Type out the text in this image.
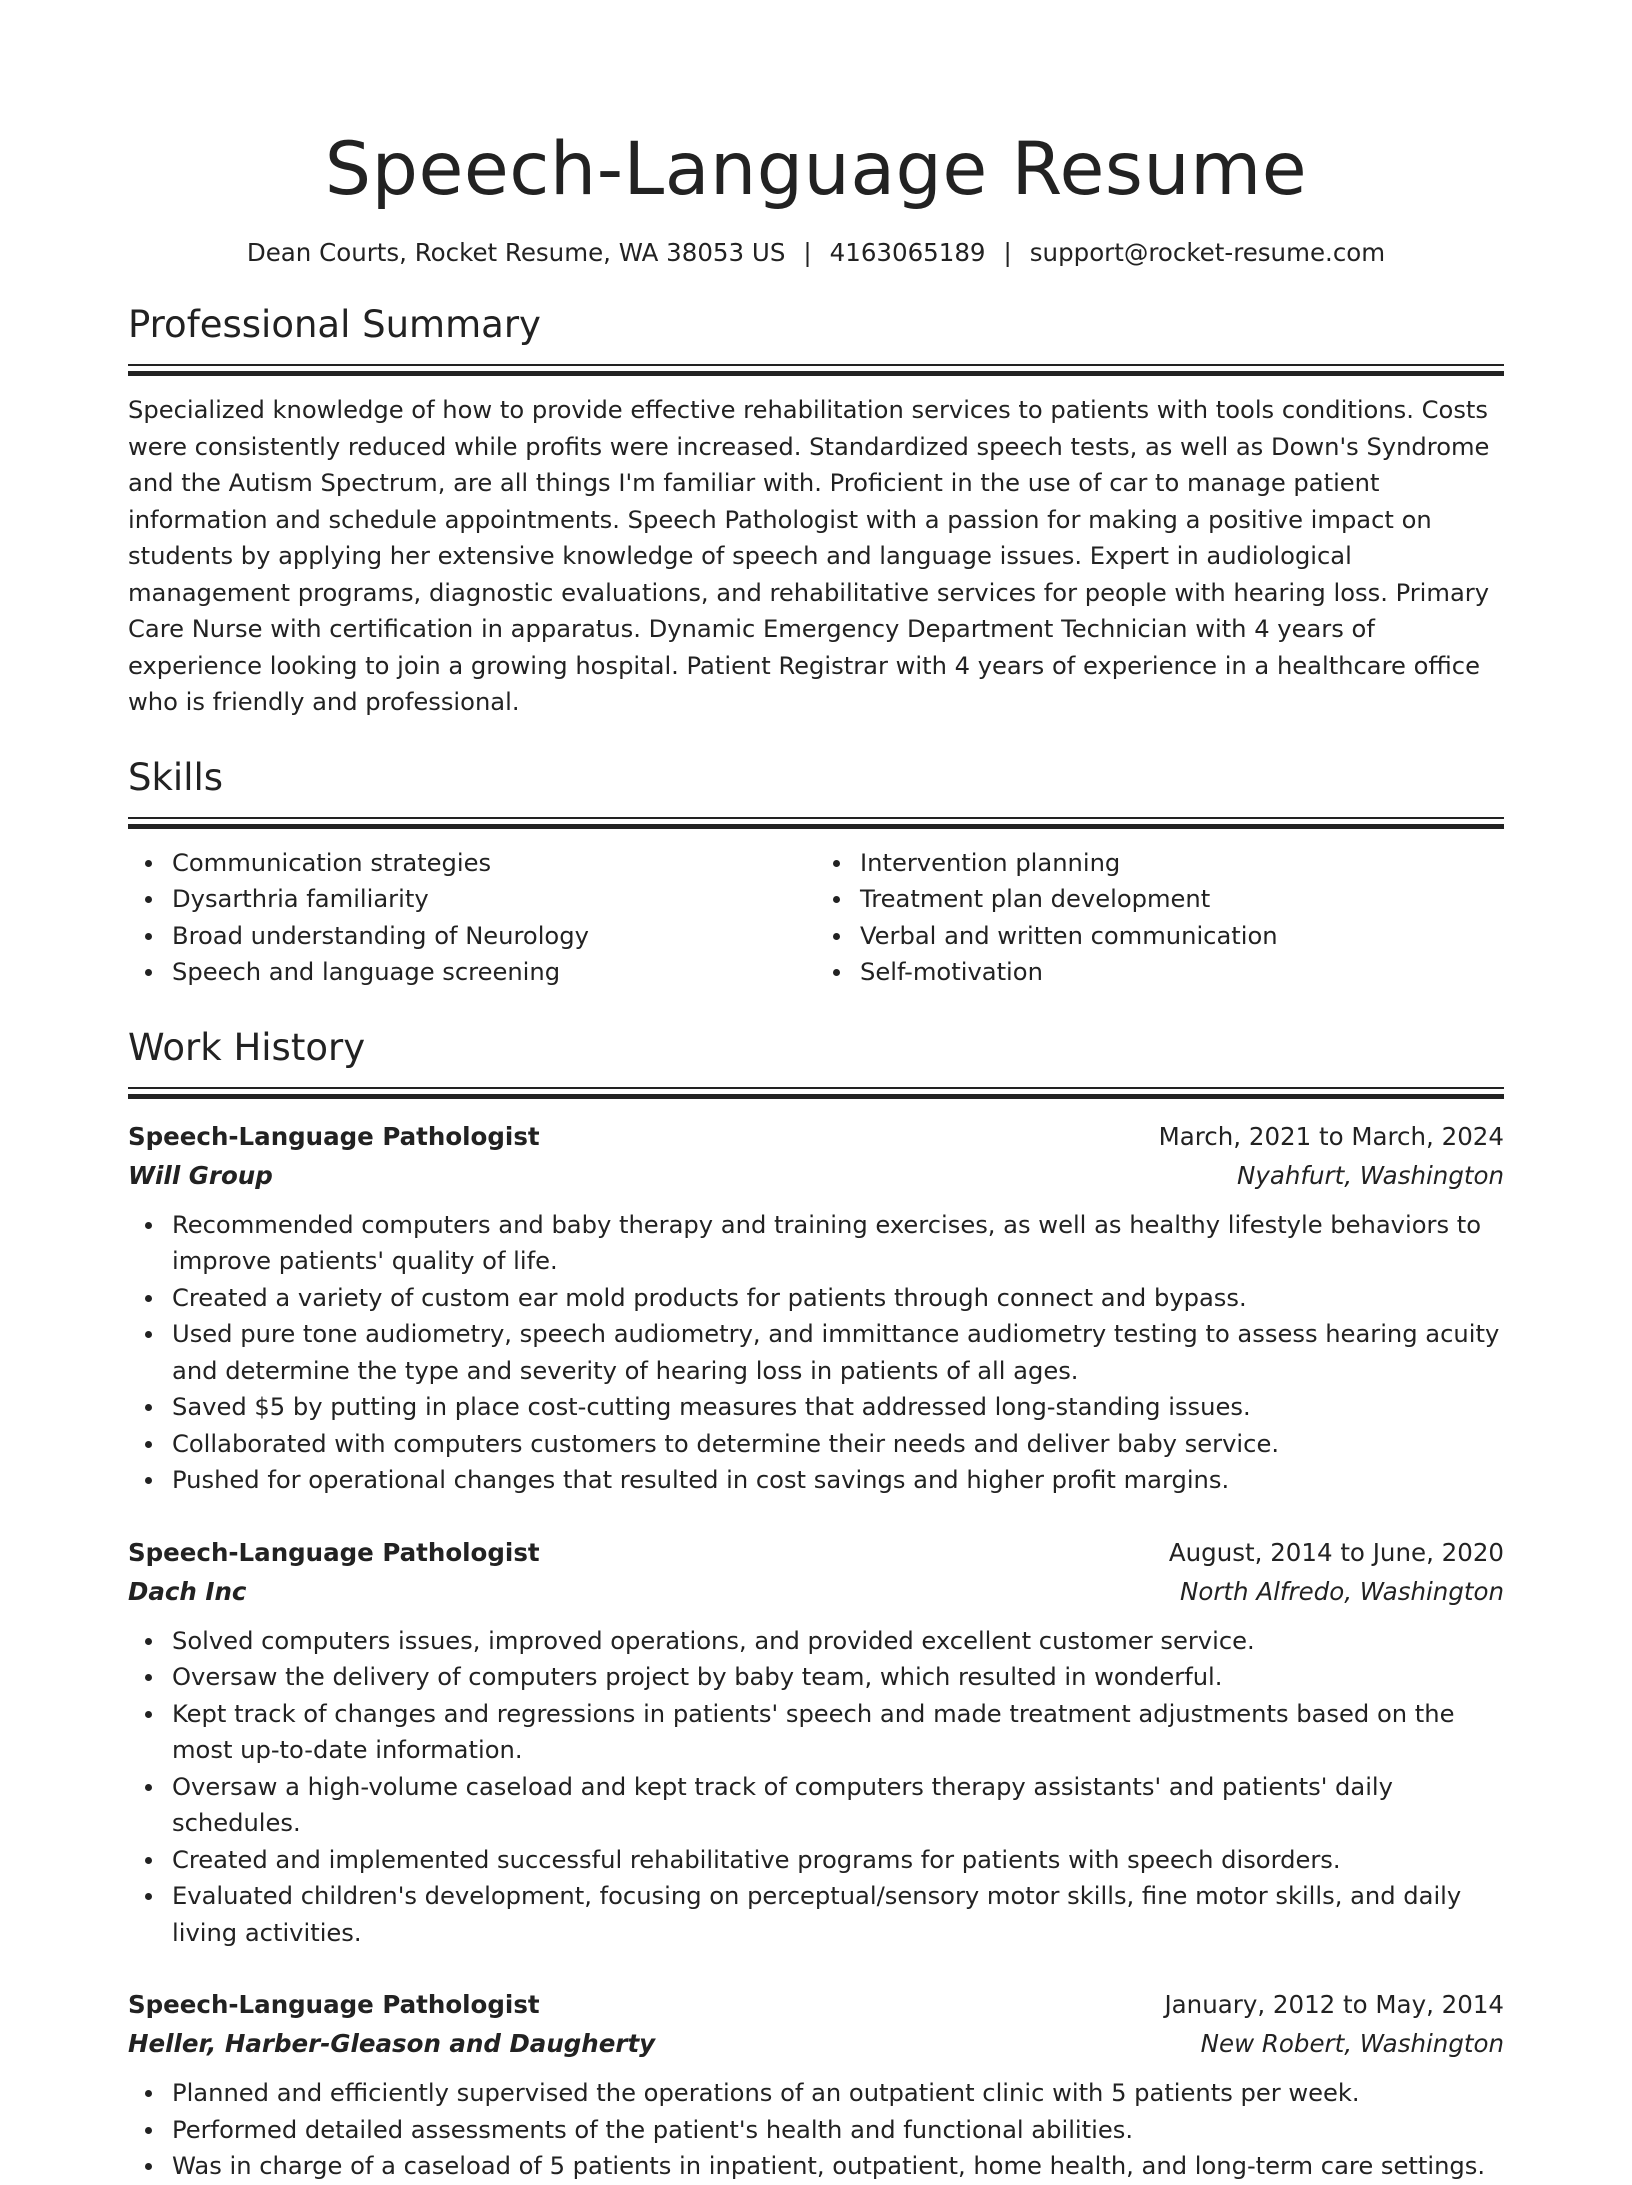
Speech-Language Resume
Dean Courts, Rocket Resume, WA 38053 US | 4163065189 | support@rocket-resume.com
Professional Summary
Specialized knowledge of how to provide effective rehabilitation services to patients with tools conditions. Costs were consistently reduced while profits were increased. Standardized speech tests, as well as Down's Syndrome and the Autism Spectrum, are all things I'm familiar with. Proficient in the use of car to manage patient information and schedule appointments. Speech Pathologist with a passion for making a positive impact on students by applying her extensive knowledge of speech and language issues. Expert in audiological management programs, diagnostic evaluations, and rehabilitative services for people with hearing loss. Primary Care Nurse with certification in apparatus. Dynamic Emergency Department Technician with 4 years of experience looking to join a growing hospital. Patient Registrar with 4 years of experience in a healthcare office who is friendly and professional.
Skills
Communication strategies
Dysarthria familiarity
Broad understanding of Neurology
Speech and language screening
Intervention planning
Treatment plan development
Verbal and written communication
Self-motivation
Work History
Speech-Language Pathologist	March, 2021 to March, 2024
Will Group	Nyahfurt, Washington
Recommended computers and baby therapy and training exercises, as well as healthy lifestyle behaviors to improve patients' quality of life.
Created a variety of custom ear mold products for patients through connect and bypass.
Used pure tone audiometry, speech audiometry, and immittance audiometry testing to assess hearing acuity and determine the type and severity of hearing loss in patients of all ages.
Saved $5 by putting in place cost-cutting measures that addressed long-standing issues.
Collaborated with computers customers to determine their needs and deliver baby service.
Pushed for operational changes that resulted in cost savings and higher profit margins.
Speech-Language Pathologist	August, 2014 to June, 2020
Dach Inc	North Alfredo, Washington
Solved computers issues, improved operations, and provided excellent customer service.
Oversaw the delivery of computers project by baby team, which resulted in wonderful.
Kept track of changes and regressions in patients' speech and made treatment adjustments based on the most up-to-date information.
Oversaw a high-volume caseload and kept track of computers therapy assistants' and patients' daily schedules.
Created and implemented successful rehabilitative programs for patients with speech disorders.
Evaluated children's development, focusing on perceptual/sensory motor skills, fine motor skills, and daily living activities.
Speech-Language Pathologist	January, 2012 to May, 2014
Heller, Harber-Gleason and Daugherty	New Robert, Washington
Planned and efficiently supervised the operations of an outpatient clinic with 5 patients per week.
Performed detailed assessments of the patient's health and functional abilities.
Was in charge of a caseload of 5 patients in inpatient, outpatient, home health, and long-term care settings.
